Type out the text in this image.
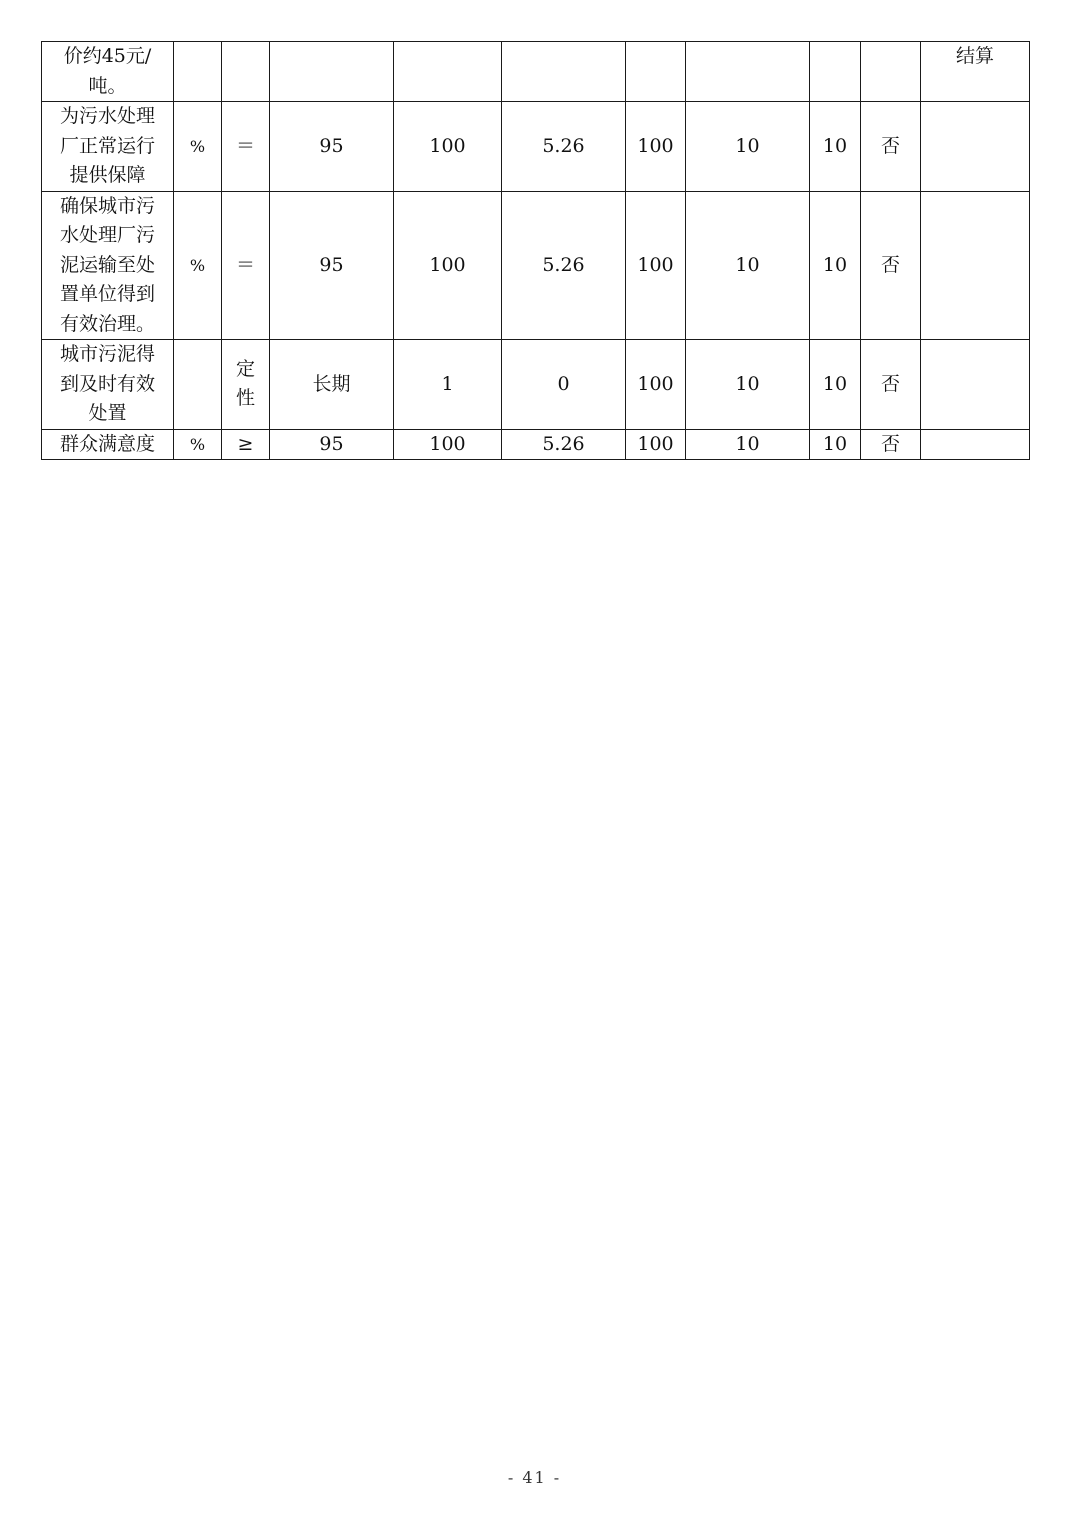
价约45元/
吨。										结算
为污水处理
厂正常运行
提供保障	%	＝	95	100	5.26	100	10	10	否	
确保城市污
水处理厂污
泥运输至处
置单位得到
有效治理。	%	＝	95	100	5.26	100	10	10	否	
城市污泥得
到及时有效
处置		定
性	长期	1	0	100	10	10	否	
群众满意度	%	≥	95	100	5.26	100	10	10	否	
- 41 -
